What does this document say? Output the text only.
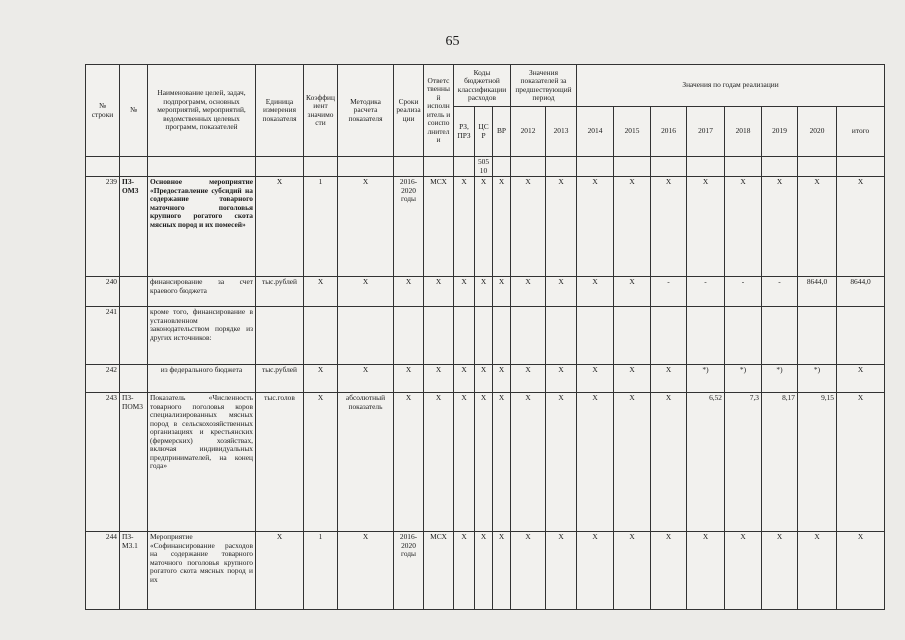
65
№ строки	№	Наименование целей, задач, подпрограмм, основных мероприятий, мероприятий, ведомственных целевых программ, показателей	Единица измерения показателя	Коэффициент значимости	Методика расчета показателя	Сроки реализации	Ответственный исполнитель и соисполнители	Коды бюджетной классификации расходов			Значения показателей за предшествующий период		Значения по годам реализации							
								РЗ, ПРЗ	ЦСР	ВР	2012	2013	2014	2015	2016	2017	2018	2019	2020	итого
									50510											
239	ПЗ-ОМ3	Основное мероприятие «Предоставление субсидий на содержание товарного маточного поголовья крупного рогатого скота мясных пород и их помесей»	X	1	X	2016-2020 годы	МСХ	X	X	X	X	X	X	X	X	X	X	X	X	X
240		финансирование за счет краевого бюджета	тыс.рублей	X	X	X	X	X	X	X	X	X	X	X	-	-	-	-	8644,0	8644,0
241		кроме того, финансирование в установленном законодательством порядке из других источников:																		
242		из федерального бюджета	тыс.рублей	X	X	X	X	X	X	X	X	X	X	X	X	*)	*)	*)	*)	X
243	ПЗ-ПОМ3	Показатель «Численность товарного поголовья коров специализированных мясных пород в сельскохозяйственных организациях и крестьянских (фермерских) хозяйствах, включая индивидуальных предпринимателей, на конец года»	тыс.голов	X	абсолютный показатель	X	X	X	X	X	X	X	X	X	X	6,52	7,3	8,17	9,15	X
244	ПЗ-М3.1	Мероприятие «Софинансирование расходов на содержание товарного маточного поголовья крупного рогатого скота мясных пород и их	X	1	X	2016-2020 годы	МСХ	X	X	X	X	X	X	X	X	X	X	X	X	X
